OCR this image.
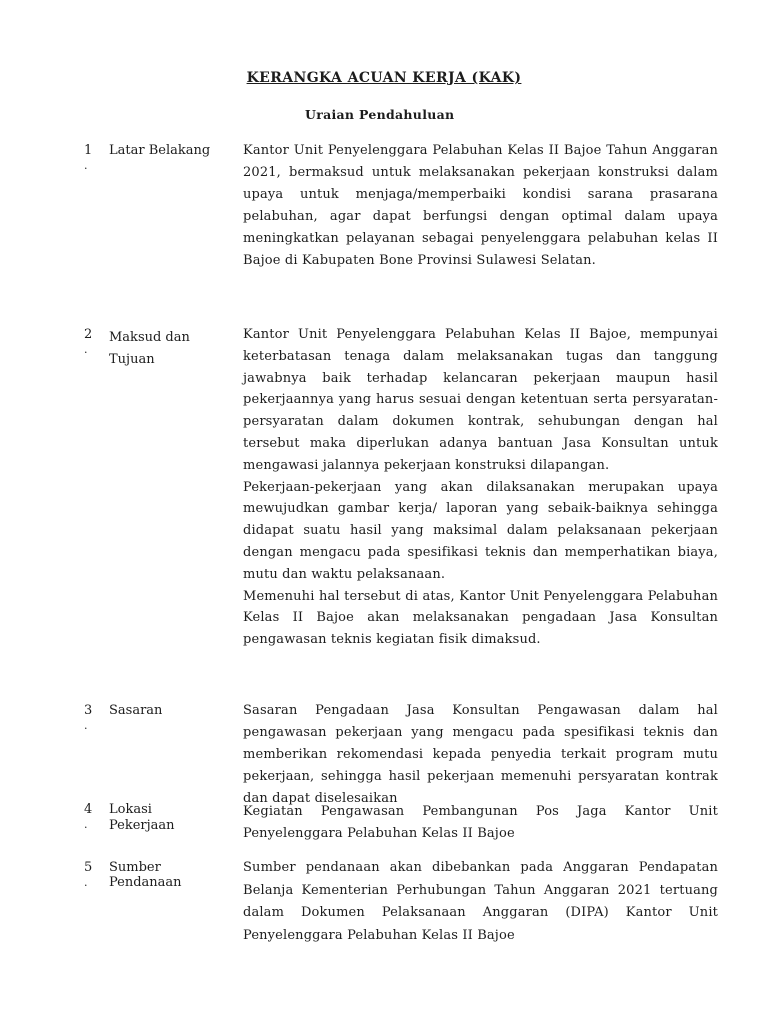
KERANGKA ACUAN KERJA (KAK)
Uraian Pendahuluan
1
.
Latar Belakang	Kantor Unit Penyelenggara Pelabuhan Kelas II Bajoe Tahun Anggaran 2021, bermaksud untuk melaksanakan pekerjaan konstruksi dalam upaya untuk menjaga/memperbaiki kondisi sarana prasarana pelabuhan, agar dapat berfungsi dengan optimal dalam upaya meningkatkan pelayanan sebagai penyelenggara pelabuhan kelas II Bajoe di Kabupaten Bone Provinsi Sulawesi Selatan.

2
.
Maksud dan
Tujuan

Kantor Unit Penyelenggara Pelabuhan Kelas II Bajoe, mempunyai keterbatasan tenaga dalam melaksanakan tugas dan tanggung jawabnya baik terhadap kelancaran pekerjaan maupun hasil pekerjaannya yang harus sesuai dengan ketentuan serta persyaratan-persyaratan dalam dokumen kontrak, sehubungan dengan hal tersebut maka diperlukan adanya bantuan Jasa Konsultan untuk mengawasi jalannya pekerjaan konstruksi dilapangan.

Pekerjaan-pekerjaan yang akan dilaksanakan merupakan upaya mewujudkan gambar kerja/ laporan yang sebaik-baiknya sehingga didapat suatu hasil yang maksimal dalam pelaksanaan pekerjaan dengan mengacu pada spesifikasi teknis dan memperhatikan biaya, mutu dan waktu pelaksanaan.

Memenuhi hal tersebut di atas, Kantor Unit Penyelenggara Pelabuhan Kelas II Bajoe akan melaksanakan pengadaan Jasa Konsultan pengawasan teknis kegiatan fisik dimaksud.

3
.
Sasaran	Sasaran Pengadaan Jasa Konsultan Pengawasan dalam hal pengawasan pekerjaan yang mengacu pada spesifikasi teknis dan memberikan rekomendasi kepada penyedia terkait program mutu pekerjaan, sehingga hasil pekerjaan memenuhi persyaratan kontrak dan dapat diselesaikan

4
.
Lokasi
Pekerjaan

Kegiatan Pengawasan Pembangunan Pos Jaga Kantor Unit Penyelenggara Pelabuhan Kelas II Bajoe

5
.
Sumber
Pendanaan

Sumber pendanaan akan dibebankan pada Anggaran Pendapatan Belanja Kementerian Perhubungan Tahun Anggaran 2021 tertuang dalam Dokumen Pelaksanaan Anggaran (DIPA) Kantor Unit Penyelenggara Pelabuhan Kelas II Bajoe
